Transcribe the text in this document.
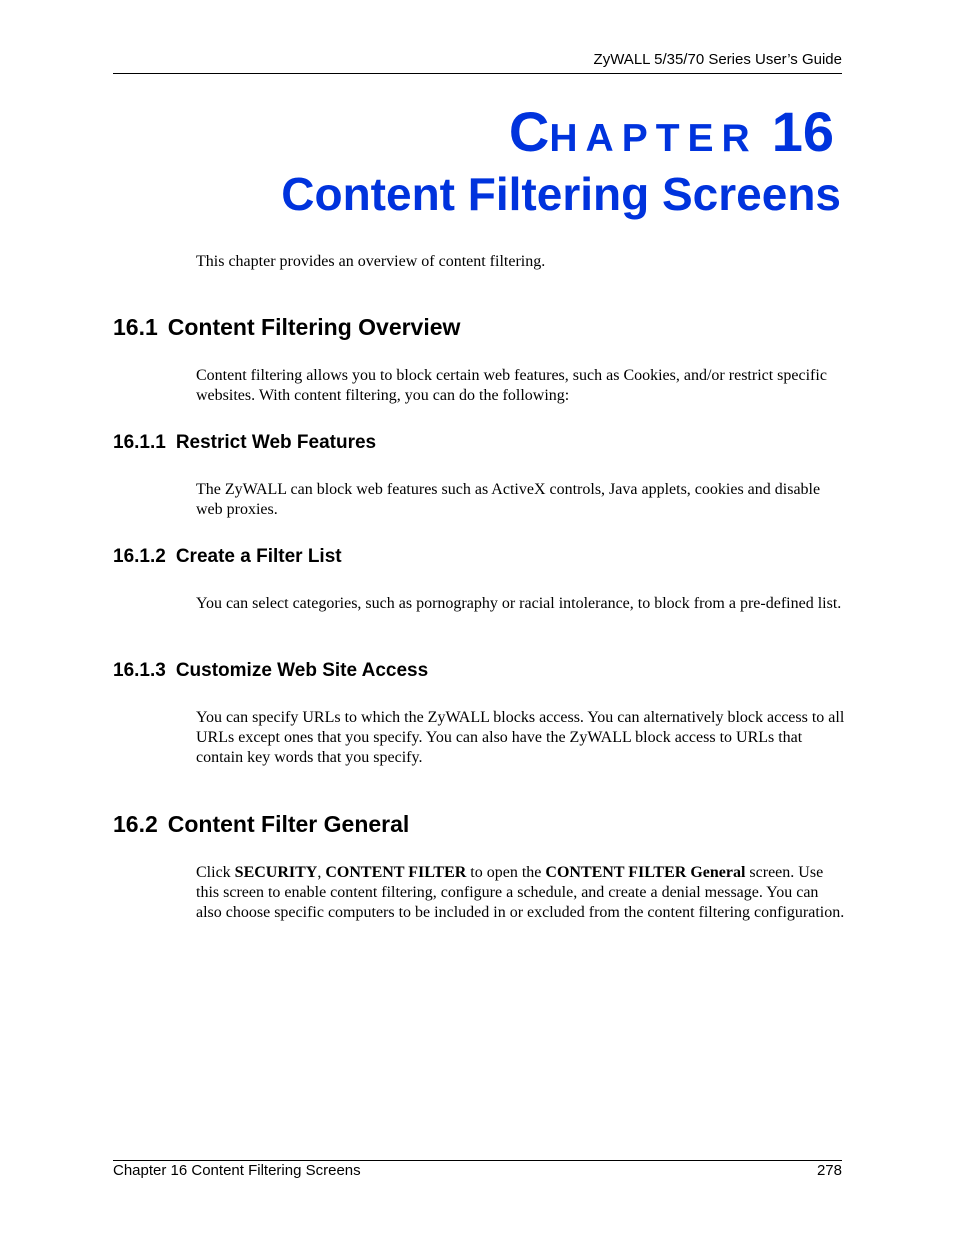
ZyWALL 5/35/70 Series User’s Guide
CHAPTER 16
Content Filtering Screens
This chapter provides an overview of content filtering.
16.1 Content Filtering Overview
Content filtering allows you to block certain web features, such as Cookies, and/or restrict specific websites. With content filtering, you can do the following:
16.1.1 Restrict Web Features
The ZyWALL can block web features such as ActiveX controls, Java applets, cookies and disable web proxies.
16.1.2 Create a Filter List
You can select categories, such as pornography or racial intolerance, to block from a pre-defined list.
16.1.3 Customize Web Site Access
You can specify URLs to which the ZyWALL blocks access. You can alternatively block access to all URLs except ones that you specify. You can also have the ZyWALL block access to URLs that contain key words that you specify.
16.2 Content Filter General
Click SECURITY, CONTENT FILTER to open the CONTENT FILTER General screen. Use this screen to enable content filtering, configure a schedule, and create a denial message. You can also choose specific computers to be included in or excluded from the content filtering configuration.
Chapter 16 Content Filtering Screens	278
